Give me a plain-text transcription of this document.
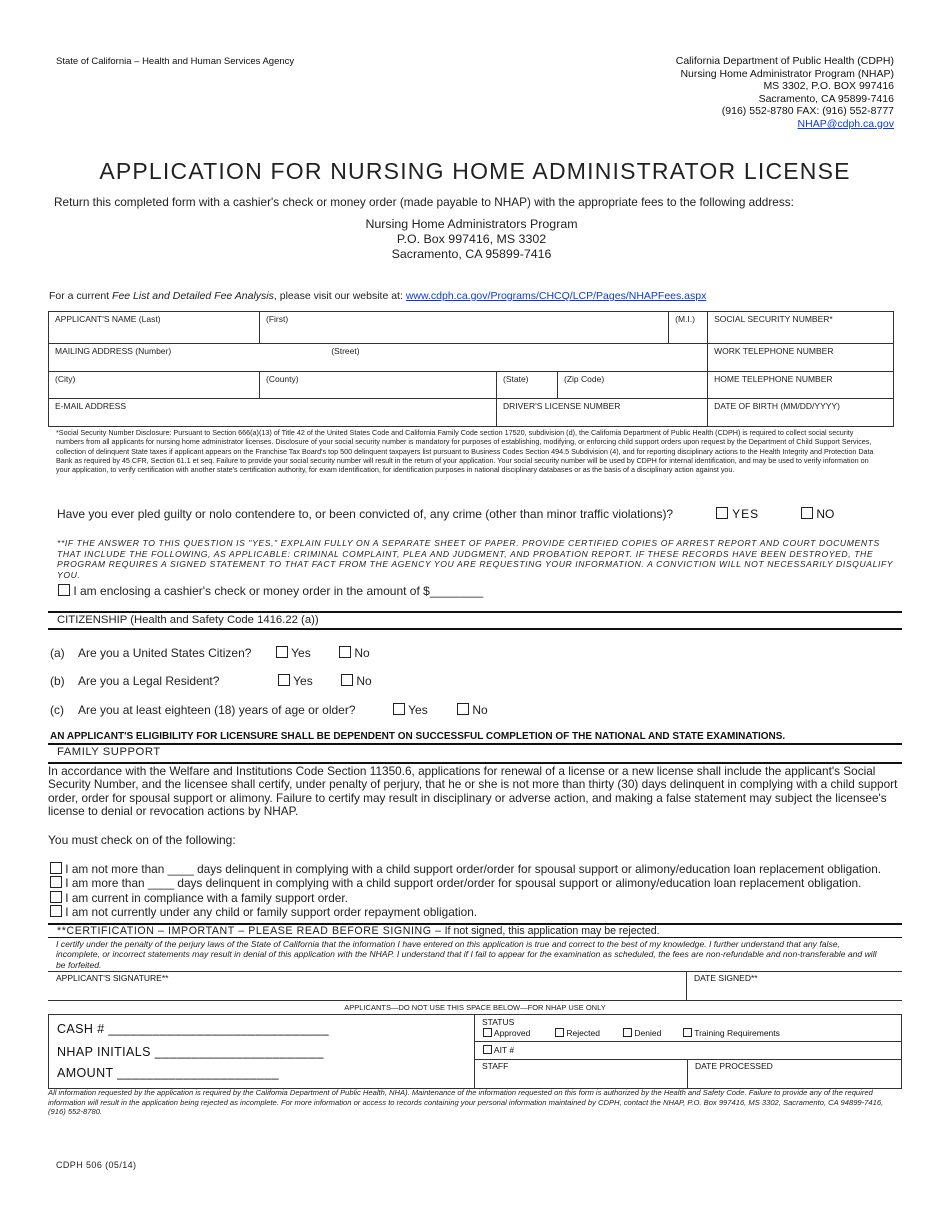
State of California – Health and Human Services Agency	California Department of Public Health (CDPH)
Nursing Home Administrator Program (NHAP)
MS 3302, P.O. BOX 997416
Sacramento, CA 95899-7416
(916) 552-8780 FAX: (916) 552-8777
NHAP@cdph.ca.gov
APPLICATION FOR NURSING HOME ADMINISTRATOR LICENSE
Return this completed form with a cashier's check or money order (made payable to NHAP) with the appropriate fees to the following address:
Nursing Home Administrators Program
P.O. Box 997416, MS 3302
Sacramento, CA 95899-7416
For a current Fee List and Detailed Fee Analysis, please visit our website at: www.cdph.ca.gov/Programs/CHCQ/LCP/Pages/NHAPFees.aspx
APPLICANT'S NAME (Last)	(First)			(M.I.)	SOCIAL SECURITY NUMBER*
MAILING ADDRESS (Number) (Street)					WORK TELEPHONE NUMBER
(City)	(County)	(State)	(Zip Code)		HOME TELEPHONE NUMBER
E-MAIL ADDRESS		DRIVER'S LICENSE NUMBER			DATE OF BIRTH (MM/DD/YYYY)
*Social Security Number Disclosure: Pursuant to Section 666(a)(13) of Title 42 of the United States Code and California Family Code section 17520, subdivision (d), the California Department of Public Health (CDPH) is required to collect social security numbers from all applicants for nursing home administrator licenses. Disclosure of your social security number is mandatory for purposes of establishing, modifying, or enforcing child support orders upon request by the Department of Child Support Services, collection of delinquent State taxes if applicant appears on the Franchise Tax Board's top 500 delinquent taxpayers list pursuant to Business Codes Section 494.5 Subdivision (4), and for reporting disciplinary actions to the Health Integrity and Protection Data Bank as required by 45 CFR, Section 61.1 et seq. Failure to provide your social security number will result in the return of your application. Your social security number will be used by CDPH for internal identification, and may be used to verify information on your application, to verify certification with another state's certification authority, for exam identification, for identification purposes in national disciplinary databases or as the basis of a disciplinary action against you.
Have you ever pled guilty or nolo contendere to, or been convicted of, any crime (other than minor traffic violations)?	YES	NO
**IF THE ANSWER TO THIS QUESTION IS "YES," EXPLAIN FULLY ON A SEPARATE SHEET OF PAPER. PROVIDE CERTIFIED COPIES OF ARREST REPORT AND COURT DOCUMENTS THAT INCLUDE THE FOLLOWING, AS APPLICABLE: CRIMINAL COMPLAINT, PLEA AND JUDGMENT, AND PROBATION REPORT. IF THESE RECORDS HAVE BEEN DESTROYED, THE PROGRAM REQUIRES A SIGNED STATEMENT TO THAT FACT FROM THE AGENCY YOU ARE REQUESTING YOUR INFORMATION. A CONVICTION WILL NOT NECESSARILY DISQUALIFY YOU.
I am enclosing a cashier's check or money order in the amount of $________
CITIZENSHIP (Health and Safety Code 1416.22 (a))
(a) Are you a United States Citizen?	Yes	No
(b) Are you a Legal Resident?	Yes	No
(c) Are you at least eighteen (18) years of age or older?	Yes	No
AN APPLICANT'S ELIGIBILITY FOR LICENSURE SHALL BE DEPENDENT ON SUCCESSFUL COMPLETION OF THE NATIONAL AND STATE EXAMINATIONS.
FAMILY SUPPORT
In accordance with the Welfare and Institutions Code Section 11350.6, applications for renewal of a license or a new license shall include the applicant's Social Security Number, and the licensee shall certify, under penalty of perjury, that he or she is not more than thirty (30) days delinquent in complying with a child support order, order for spousal support or alimony. Failure to certify may result in disciplinary or adverse action, and making a false statement may subject the licensee's license to denial or revocation actions by NHAP.
You must check on of the following:
I am not more than ____ days delinquent in complying with a child support order/order for spousal support or alimony/education loan replacement obligation.
I am more than ____ days delinquent in complying with a child support order/order for spousal support or alimony/education loan replacement obligation.
I am current in compliance with a family support order.
I am not currently under any child or family support order repayment obligation.
**CERTIFICATION – IMPORTANT – PLEASE READ BEFORE SIGNING – If not signed, this application may be rejected.
I certify under the penalty of the perjury laws of the State of California that the information I have entered on this application is true and correct to the best of my knowledge. I further understand that any false, incomplete, or incorrect statements may result in denial of this application with the NHAP. I understand that if I fail to appear for the examination as scheduled, the fees are non-refundable and non-transferable and will be forfeited.
APPLICANT'S SIGNATURE**	DATE SIGNED**
APPLICANTS—DO NOT USE THIS SPACE BELOW—FOR NHAP USE ONLY
CASH # ______________________________
NHAP INITIALS _______________________
AMOUNT ______________________
STATUS
Approved	Rejected	Denied	Training Requirements
AIT #
STAFF	DATE PROCESSED
All information requested by the application is required by the California Department of Public Health, NHA). Maintenance of the information requested on this form is authorized by the Health and Safety Code. Failure to provide any of the required information will result in the application being rejected as incomplete. For more information or access to records containing your personal information maintained by CDPH, contact the NHAP, P.O. Box 997416, MS 3302, Sacramento, CA 94899-7416, (916) 552-8780.
CDPH 506 (05/14)
